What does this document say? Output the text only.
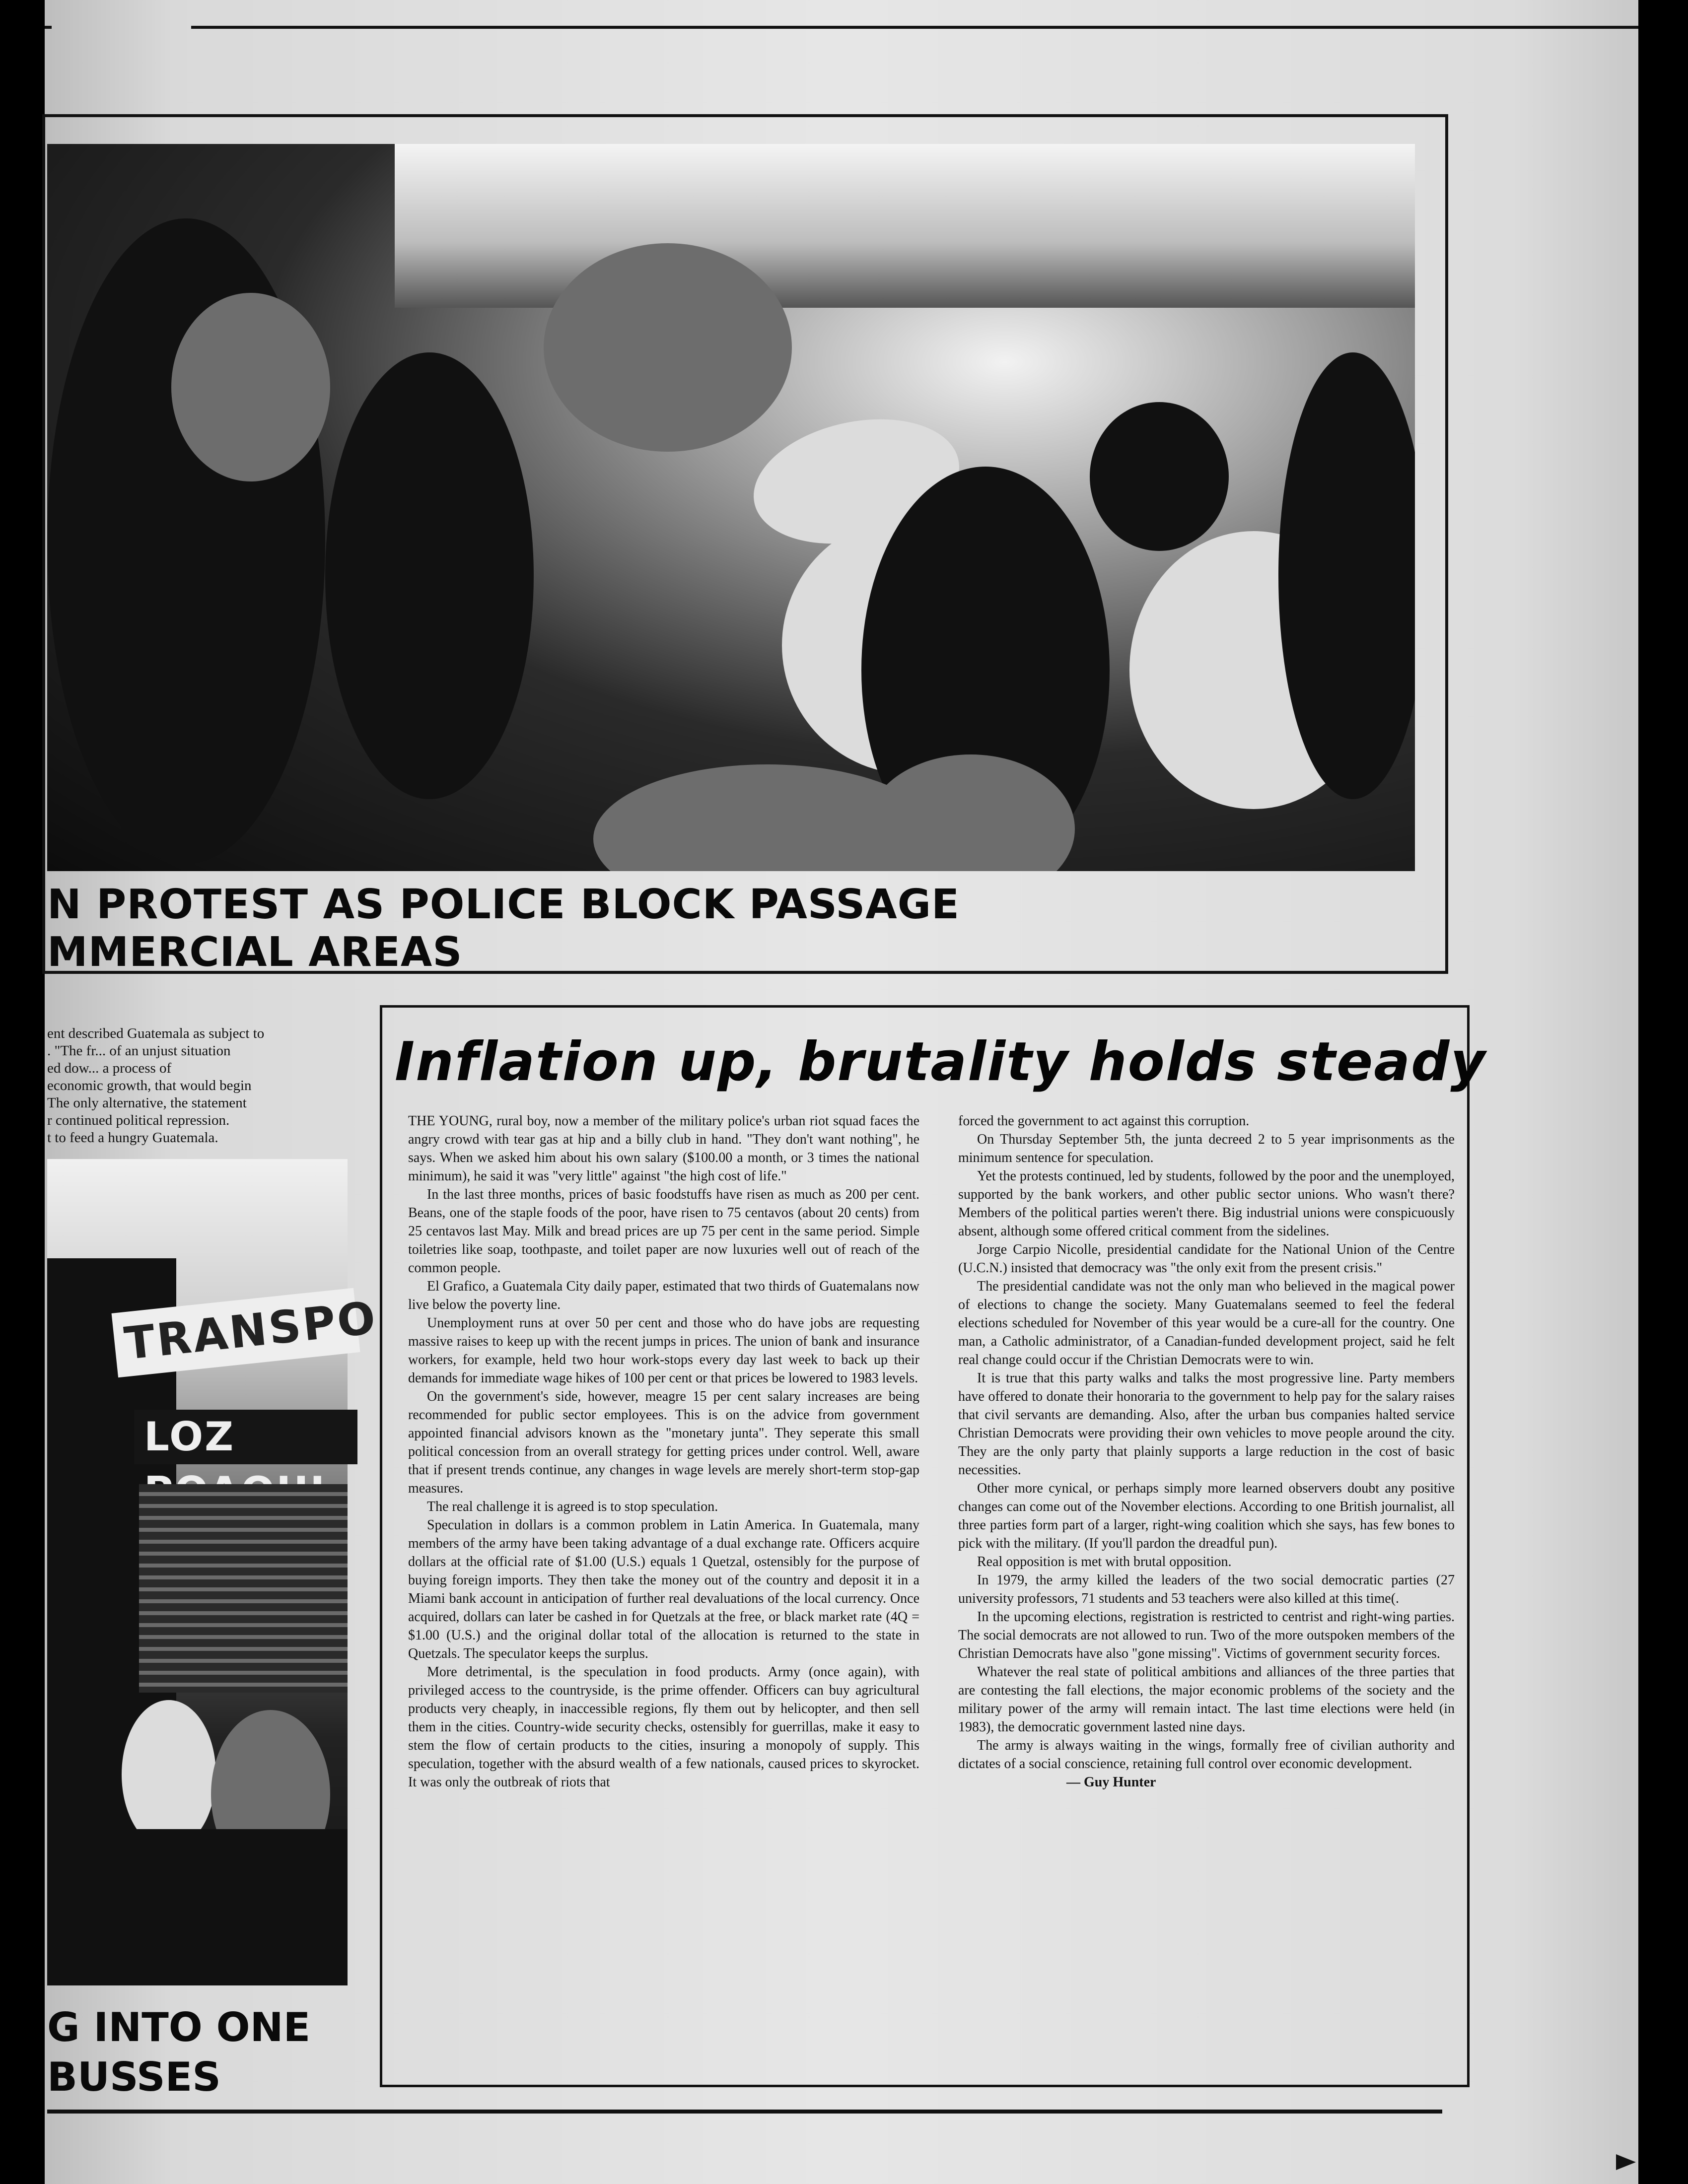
N PROTEST AS POLICE BLOCK PASSAGE
MMERCIAL AREAS
ent described Guatemala as subject to
. "The fr... of an unjust situation
ed dow... a process of
economic growth, that would begin
The only alternative, the statement
r continued political repression.
t to feed a hungry Guatemala.
TRANSPO
LOZ
G INTO ONE
BUSSES
Inflation up, brutality holds steady

THE YOUNG, rural boy, now a member of the military police's urban riot squad faces the angry crowd with tear gas at hip and a billy club in hand. "They don't want nothing", he says. When we asked him about his own salary ($100.00 a month, or 3 times the national minimum), he said it was "very little" against "the high cost of life."

In the last three months, prices of basic foodstuffs have risen as much as 200 per cent. Beans, one of the staple foods of the poor, have risen to 75 centavos (about 20 cents) from 25 centavos last May. Milk and bread prices are up 75 per cent in the same period. Simple toiletries like soap, toothpaste, and toilet paper are now luxuries well out of reach of the common people.

El Grafico, a Guatemala City daily paper, estimated that two thirds of Guatemalans now live below the poverty line.

Unemployment runs at over 50 per cent and those who do have jobs are requesting massive raises to keep up with the recent jumps in prices. The union of bank and insurance workers, for example, held two hour work-stops every day last week to back up their demands for immediate wage hikes of 100 per cent or that prices be lowered to 1983 levels.

On the government's side, however, meagre 15 per cent salary increases are being recommended for public sector employees. This is on the advice from government appointed financial advisors known as the "monetary junta". They seperate this small political concession from an overall strategy for getting prices under control. Well, aware that if present trends continue, any changes in wage levels are merely short-term stop-gap measures.

The real challenge it is agreed is to stop speculation.

Speculation in dollars is a common problem in Latin America. In Guatemala, many members of the army have been taking advantage of a dual exchange rate. Officers acquire dollars at the official rate of $1.00 (U.S.) equals 1 Quetzal, ostensibly for the purpose of buying foreign imports. They then take the money out of the country and deposit it in a Miami bank account in anticipation of further real devaluations of the local currency. Once acquired, dollars can later be cashed in for Quetzals at the free, or black market rate (4Q = $1.00 (U.S.) and the original dollar total of the allocation is returned to the state in Quetzals. The speculator keeps the surplus.

More detrimental, is the speculation in food products. Army (once again), with privileged access to the countryside, is the prime offender. Officers can buy agricultural products very cheaply, in inaccessible regions, fly them out by helicopter, and then sell them in the cities. Country-wide security checks, ostensibly for guerrillas, make it easy to stem the flow of certain products to the cities, insuring a monopoly of supply. This speculation, together with the absurd wealth of a few nationals, caused prices to skyrocket. It was only the outbreak of riots that

forced the government to act against this corruption.

On Thursday September 5th, the junta decreed 2 to 5 year imprisonments as the minimum sentence for speculation.

Yet the protests continued, led by students, followed by the poor and the unemployed, supported by the bank workers, and other public sector unions. Who wasn't there? Members of the political parties weren't there. Big industrial unions were conspicuously absent, although some offered critical comment from the sidelines.

Jorge Carpio Nicolle, presidential candidate for the National Union of the Centre (U.C.N.) insisted that democracy was "the only exit from the present crisis."

The presidential candidate was not the only man who believed in the magical power of elections to change the society. Many Guatemalans seemed to feel the federal elections scheduled for November of this year would be a cure-all for the country. One man, a Catholic administrator, of a Canadian-funded development project, said he felt real change could occur if the Christian Democrats were to win.

It is true that this party walks and talks the most progressive line. Party members have offered to donate their honoraria to the government to help pay for the salary raises that civil servants are demanding. Also, after the urban bus companies halted service Christian Democrats were providing their own vehicles to move people around the city. They are the only party that plainly supports a large reduction in the cost of basic necessities.

Other more cynical, or perhaps simply more learned observers doubt any positive changes can come out of the November elections. According to one British journalist, all three parties form part of a larger, right-wing coalition which she says, has few bones to pick with the military. (If you'll pardon the dreadful pun).

Real opposition is met with brutal opposition.

In 1979, the army killed the leaders of the two social democratic parties (27 university professors, 71 students and 53 teachers were also killed at this time(.

In the upcoming elections, registration is restricted to centrist and right-wing parties. The social democrats are not allowed to run. Two of the more outspoken members of the Christian Democrats have also "gone missing". Victims of government security forces.

Whatever the real state of political ambitions and alliances of the three parties that are contesting the fall elections, the major economic problems of the society and the military power of the army will remain intact. The last time elections were held (in 1983), the democratic government lasted nine days.

The army is always waiting in the wings, formally free of civilian authority and dictates of a social conscience, retaining full control over economic development.

— Guy Hunter
